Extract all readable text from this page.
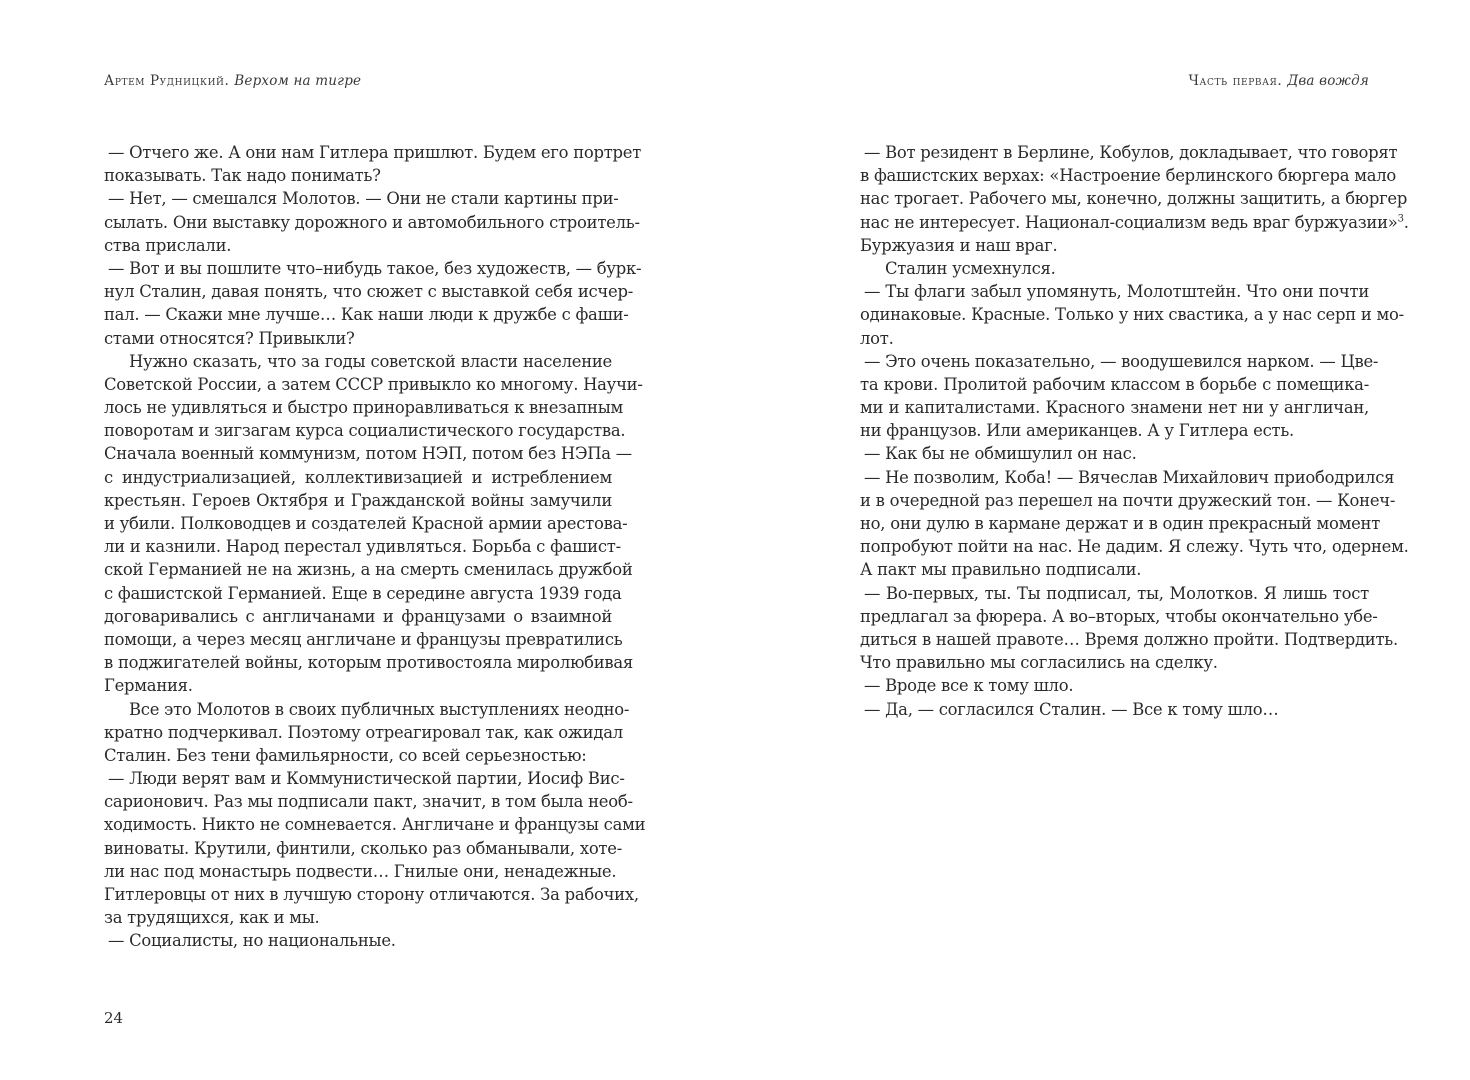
Артем Рудницкий. Верхом на тигре
— Отчего же. А они нам Гитлера пришлют. Будем его портрет
показывать. Так надо понимать?
— Нет, — смешался Молотов. — Они не стали картины при-
сылать. Они выставку дорожного и автомобильного строитель-
ства прислали.
— Вот и вы пошлите что–нибудь такое, без художеств, — бурк-
нул Сталин, давая понять, что сюжет с выставкой себя исчер-
пал. — Скажи мне лучше… Как наши люди к дружбе с фаши-
стами относятся? Привыкли?
Нужно сказать, что за годы советской власти население
Советской России, а затем СССР привыкло ко многому. Научи-
лось не удивляться и быстро приноравливаться к внезапным
поворотам и зигзагам курса социалистического государства.
Сначала военный коммунизм, потом НЭП, потом без НЭПа —
с индустриализацией, коллективизацией и истреблением
крестьян. Героев Октября и Гражданской войны замучили
и убили. Полководцев и создателей Красной армии арестова-
ли и казнили. Народ перестал удивляться. Борьба с фашист-
ской Германией не на жизнь, а на смерть сменилась дружбой
с фашистской Германией. Еще в середине августа 1939 года
договаривались с англичанами и французами о взаимной
помощи, а через месяц англичане и французы превратились
в поджигателей войны, которым противостояла миролюбивая
Германия.
Все это Молотов в своих публичных выступлениях неодно-
кратно подчеркивал. Поэтому отреагировал так, как ожидал
Сталин. Без тени фамильярности, со всей серьезностью:
— Люди верят вам и Коммунистической партии, Иосиф Вис-
сарионович. Раз мы подписали пакт, значит, в том была необ-
ходимость. Никто не сомневается. Англичане и французы сами
виноваты. Крутили, финтили, сколько раз обманывали, хоте-
ли нас под монастырь подвести… Гнилые они, ненадежные.
Гитлеровцы от них в лучшую сторону отличаются. За рабочих,
за трудящихся, как и мы.
— Социалисты, но национальные.
24
Часть первая. Два вождя
— Вот резидент в Берлине, Кобулов, докладывает, что говорят
в фашистских верхах: «Настроение берлинского бюргера мало
нас трогает. Рабочего мы, конечно, должны защитить, а бюргер
нас не интересует. Национал-социализм ведь враг буржуазии»$^3$.
Буржуазия и наш враг.
Сталин усмехнулся.
— Ты флаги забыл упомянуть, Молотштейн. Что они почти
одинаковые. Красные. Только у них свастика, а у нас серп и мо-
лот.
— Это очень показательно, — воодушевился нарком. — Цве-
та крови. Пролитой рабочим классом в борьбе с помещика-
ми и капиталистами. Красного знамени нет ни у англичан,
ни французов. Или американцев. А у Гитлера есть.
— Как бы не обмишулил он нас.
— Не позволим, Коба! — Вячеслав Михайлович приободрился
и в очередной раз перешел на почти дружеский тон. — Конеч-
но, они дулю в кармане держат и в один прекрасный момент
попробуют пойти на нас. Не дадим. Я слежу. Чуть что, одернем.
А пакт мы правильно подписали.
— Во-первых, ты. Ты подписал, ты, Молотков. Я лишь тост
предлагал за фюрера. А во–вторых, чтобы окончательно убе-
диться в нашей правоте… Время должно пройти. Подтвердить.
Что правильно мы согласились на сделку.
— Вроде все к тому шло.
— Да, — согласился Сталин. — Все к тому шло…
